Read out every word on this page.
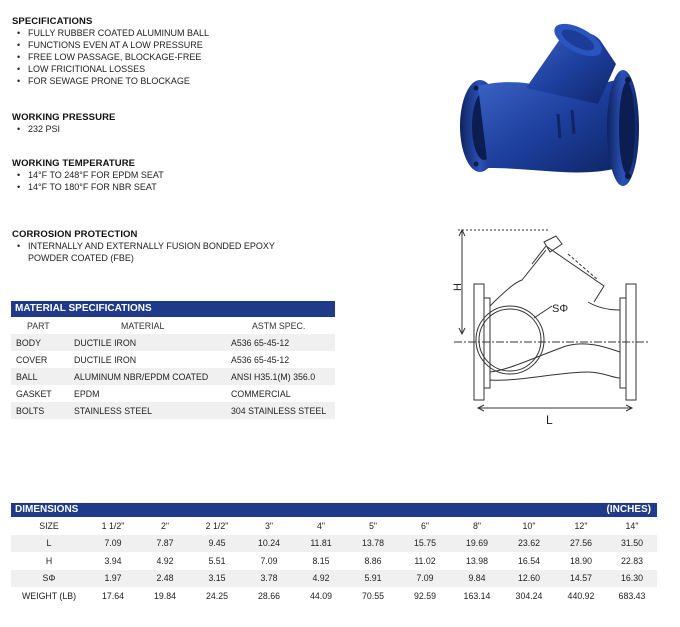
SPECIFICATIONS
• FULLY RUBBER COATED ALUMINUM BALL
• FUNCTIONS EVEN AT A LOW PRESSURE
• FREE LOW PASSAGE, BLOCKAGE-FREE
• LOW FRICITIONAL LOSSES
• FOR SEWAGE PRONE TO BLOCKAGE
WORKING PRESSURE
• 232 PSI
WORKING TEMPERATURE
• 14°F TO 248°F FOR EPDM SEAT
• 14°F TO 180°F FOR NBR SEAT
CORROSION PROTECTION
• INTERNALLY AND EXTERNALLY FUSION BONDED EPOXY
POWDER COATED (FBE)
MATERIAL SPECIFICATIONS
PART	MATERIAL	ASTM SPEC.
BODY	DUCTILE IRON	A536 65-45-12
COVER	DUCTILE IRON	A536 65-45-12
BALL	ALUMINUM NBR/EPDM COATED	ANSI H35.1(M) 356.0
GASKET	EPDM	COMMERCIAL
BOLTS	STAINLESS STEEL	304 STAINLESS STEEL
H
SΦ
L
DIMENSIONS	(INCHES)
SIZE	1 1/2"	2"	2 1/2"	3"	4"	5"	6"	8"	10"	12"	14"
L	7.09	7.87	9.45	10.24	11.81	13.78	15.75	19.69	23.62	27.56	31.50
H	3.94	4.92	5.51	7.09	8.15	8.86	11.02	13.98	16.54	18.90	22.83
SΦ	1.97	2.48	3.15	3.78	4.92	5.91	7.09	9.84	12.60	14.57	16.30
WEIGHT (LB)	17.64	19.84	24.25	28.66	44.09	70.55	92.59	163.14	304.24	440.92	683.43
